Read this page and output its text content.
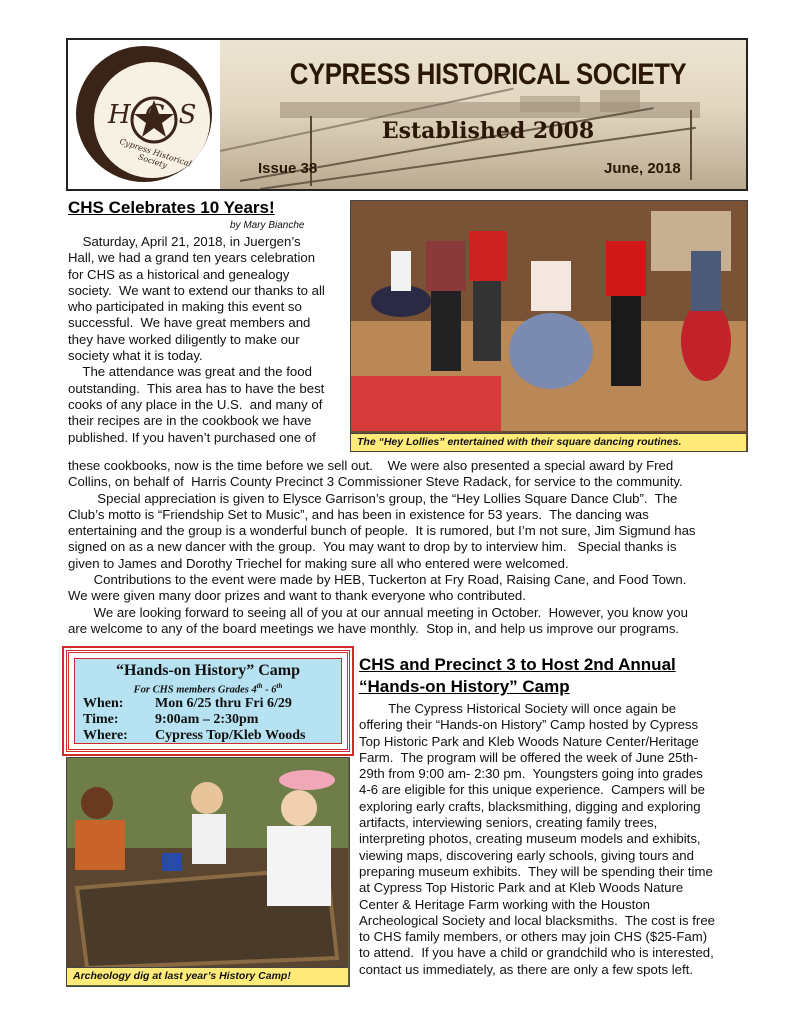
HCS
Cypress Historical Society
CYPRESS HISTORICAL SOCIETY
Established 2008
Issue 38	June, 2018
CHS Celebrates 10 Years!
by Mary Bianche

Saturday, April 21, 2018, in Juergen’s

Hall, we had a grand ten years celebration

for CHS as a historical and genealogy

society.  We want to extend our thanks to all

who participated in making this event so

successful.  We have great members and

they have worked diligently to make our

society what it is today.

The attendance was great and the food

outstanding.  This area has to have the best

cooks of any place in the U.S.  and many of

their recipes are in the cookbook we have

published. If you haven’t purchased one of	The “Hey Lollies” entertained with their square dancing routines.

these cookbooks, now is the time before we sell out.    We were also presented a special award by Fred

Collins, on behalf of  Harris County Precinct 3 Commissioner Steve Radack, for service to the community.

Special appreciation is given to Elysce Garrison’s group, the “Hey Lollies Square Dance Club”.  The

Club’s motto is “Friendship Set to Music”, and has been in existence for 53 years.  The dancing was

entertaining and the group is a wonderful bunch of people.  It is rumored, but I’m not sure, Jim Sigmund has

signed on as a new dancer with the group.  You may want to drop by to interview him.   Special thanks is

given to James and Dorothy Triechel for making sure all who entered were welcomed.

Contributions to the event were made by HEB, Tuckerton at Fry Road, Raising Cane, and Food Town.

We were given many door prizes and want to thank everyone who contributed.

We are looking forward to seeing all of you at our annual meeting in October.  However, you know you

are welcome to any of the board meetings we have monthly.  Stop in, and help us improve our programs.

“Hands-on History” Camp
For CHS members Grades 4th - 6th
When: Mon 6/25 thru Fri 6/29
Time:	9:00am – 2:30pm
Where: Cypress Top/Kleb Woods
Archeology dig at last year’s History Camp!
CHS and Precinct 3 to Host 2nd Annual
“Hands-on History” Camp

The Cypress Historical Society will once again be

offering their “Hands-on History” Camp hosted by Cypress

Top Historic Park and Kleb Woods Nature Center/Heritage

Farm.  The program will be offered the week of June 25th-

29th from 9:00 am- 2:30 pm.  Youngsters going into grades

4-6 are eligible for this unique experience.  Campers will be

exploring early crafts, blacksmithing, digging and exploring

artifacts, interviewing seniors, creating family trees,

interpreting photos, creating museum models and exhibits,

viewing maps, discovering early schools, giving tours and

preparing museum exhibits.  They will be spending their time

at Cypress Top Historic Park and at Kleb Woods Nature

Center & Heritage Farm working with the Houston

Archeological Society and local blacksmiths.  The cost is free

to CHS family members, or others may join CHS ($25-Fam)

to attend.  If you have a child or grandchild who is interested,

contact us immediately, as there are only a few spots left.
